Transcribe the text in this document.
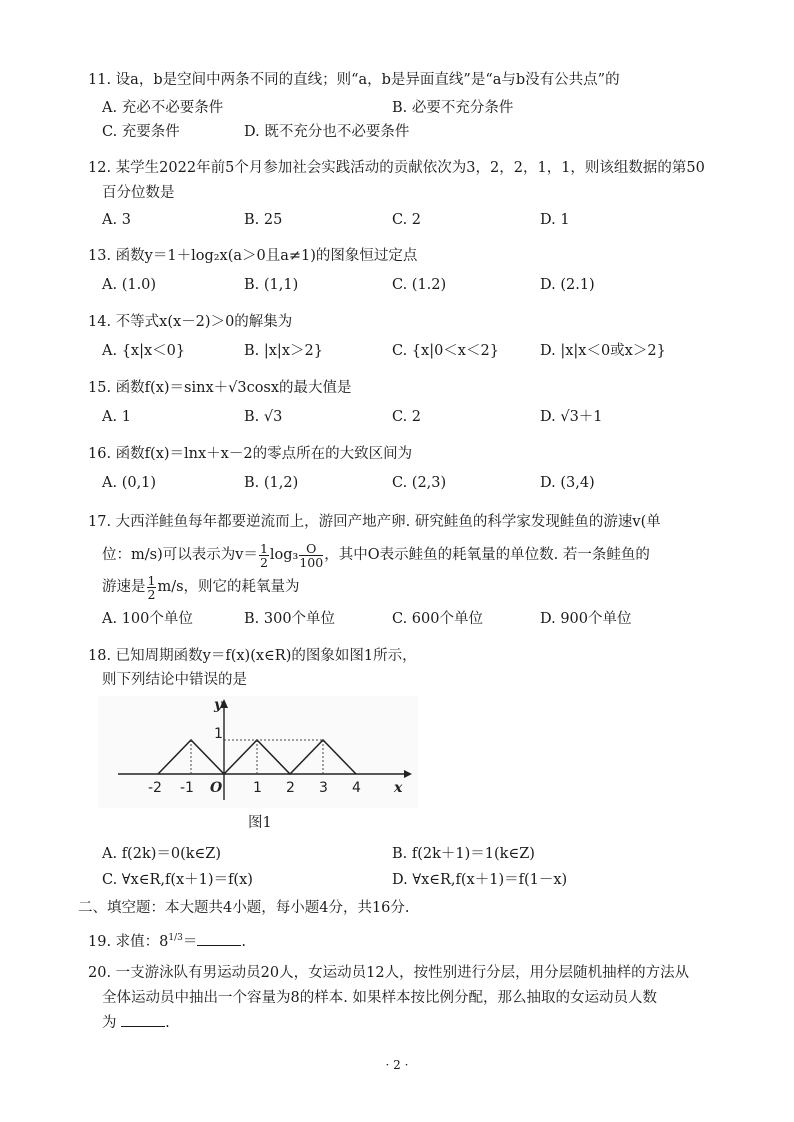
11. 设a，b是空间中两条不同的直线；则“a，b是异面直线”是“a与b没有公共点”的
A. 充必不必要条件	B. 必要不充分条件
C. 充要条件	D. 既不充分也不必要条件
12. 某学生2022年前5个月参加社会实践活动的贡献依次为3，2，2，1，1，则该组数据的第50
百分位数是
A. 3	B. 25	C. 2	D. 1
13. 函数y＝1＋log₂x(a＞0且a≠1)的图象恒过定点
A. (1.0)	B. (1,1)	C. (1.2)	D. (2.1)
14. 不等式x(x－2)＞0的解集为
A. {x|x＜0}	B. |x|x＞2}	C. {x|0＜x＜2}	D. |x|x＜0或x＞2}
15. 函数f(x)＝sinx＋√3cosx的最大值是
A. 1	B. √3	C. 2	D. √3＋1
16. 函数f(x)＝lnx＋x－2的零点所在的大致区间为
A. (0,1)	B. (1,2)	C. (2,3)	D. (3,4)
17. 大西洋鲑鱼每年都要逆流而上，游回产地产卵. 研究鲑鱼的科学家发现鲑鱼的游速v(单
位：m/s)可以表示为$v= \frac{1}{2} \log_3 \frac{O}{100}$ ，其中O表示鲑鱼的耗氧量的单位数. 若一条鲑鱼的
游速是 $\frac{1}{2} m/s$，则它的耗氧量为
A. 100个单位	B. 300个单位	C. 600个单位	D. 900个单位
18. 已知周期函数y＝f(x)(x∈R)的图象如图1所示，
则下列结论中错误的是
y
1
x
O
-2 -1	1 2 3 4
图1
A. f(2k)＝0(k∈Z)	B. f(2k＋1)＝1(k∈Z)
C. ∀x∈R,f(x＋1)＝f(x)	D. ∀x∈R,f(x＋1)＝f(1－x)
二、填空题：本大题共4小题，每小题4分，共16分.
19. 求值：$8^{1/3}=$	.
20. 一支游泳队有男运动员20人，女运动员12人，按性别进行分层，用分层随机抽样的方法从
全体运动员中抽出一个容量为8的样本. 如果样本按比例分配，那么抽取的女运动员人数
为	.
· 2 ·
